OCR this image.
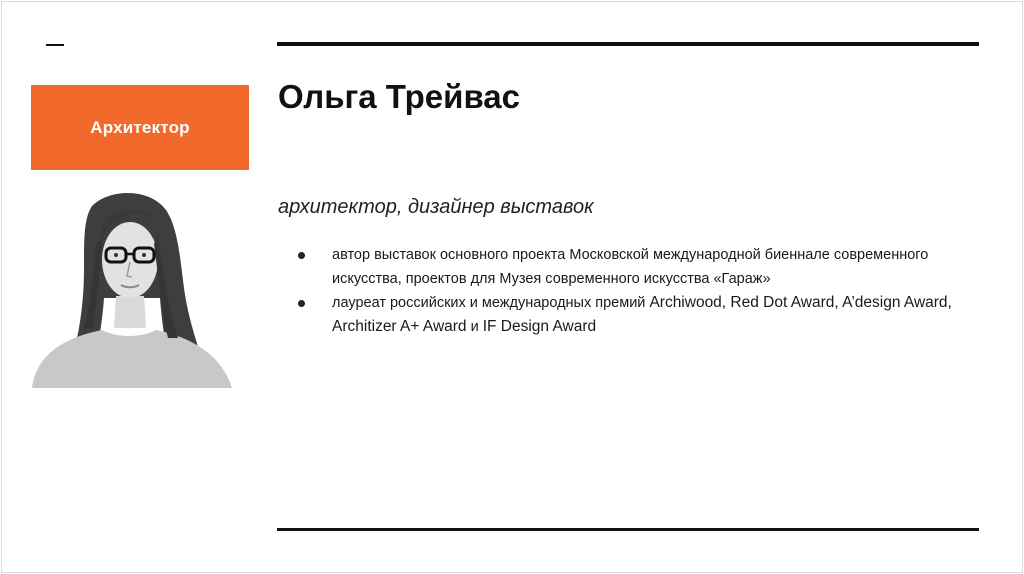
Архитектор
Ольга Трейвас

архитектор, дизайнер выставок

автор выставок основного проекта Московской международной биеннале современного искусства, проектов для Музея современного искусства «Гараж»
лауреат российских и международных премий Archiwood, Red Dot Award, A’design Award, Architizer A+ Award и IF Design Award
